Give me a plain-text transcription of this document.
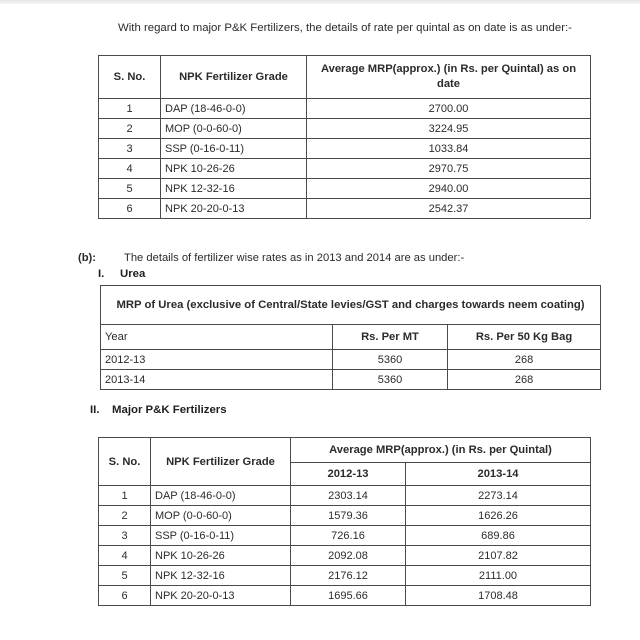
With regard to major P&K Fertilizers, the details of rate per quintal as on date is as under:-

S. No.	NPK Fertilizer Grade	Average MRP(approx.) (in Rs. per Quintal) as on date
1	DAP (18-46-0-0)	2700.00
2	MOP (0-0-60-0)	3224.95
3	SSP (0-16-0-11)	1033.84
4	NPK 10-26-26	2970.75
5	NPK 12-32-16	2940.00
6	NPK 20-20-0-13	2542.37

(b): The details of fertilizer wise rates as in 2013 and 2014 are as under:-

I. Urea
MRP of Urea (exclusive of Central/State levies/GST and charges towards neem coating)		
Year	Rs. Per MT	Rs. Per 50 Kg Bag
2012-13	5360	268
2013-14	5360	268
II. Major P&K Fertilizers
S. No.	NPK Fertilizer Grade	Average MRP(approx.) (in Rs. per Quintal)	
		2012-13	2013-14
1	DAP (18-46-0-0)	2303.14	2273.14
2	MOP (0-0-60-0)	1579.36	1626.26
3	SSP (0-16-0-11)	726.16	689.86
4	NPK 10-26-26	2092.08	2107.82
5	NPK 12-32-16	2176.12	2111.00
6	NPK 20-20-0-13	1695.66	1708.48
